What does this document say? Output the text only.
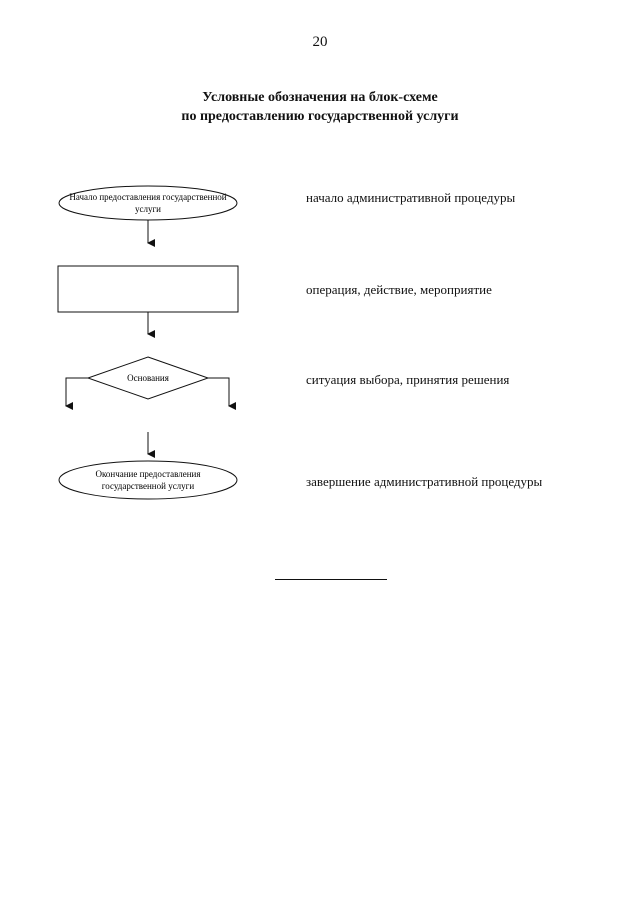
20
Условные обозначения на блок-схеме
по предоставлению государственной услуги
Начало предоставления государственной
услуги
Основания
Окончание предоставления
государственной услуги
начало административной процедуры
операция, действие, мероприятие
ситуация выбора, принятия решения
завершение административной процедуры
